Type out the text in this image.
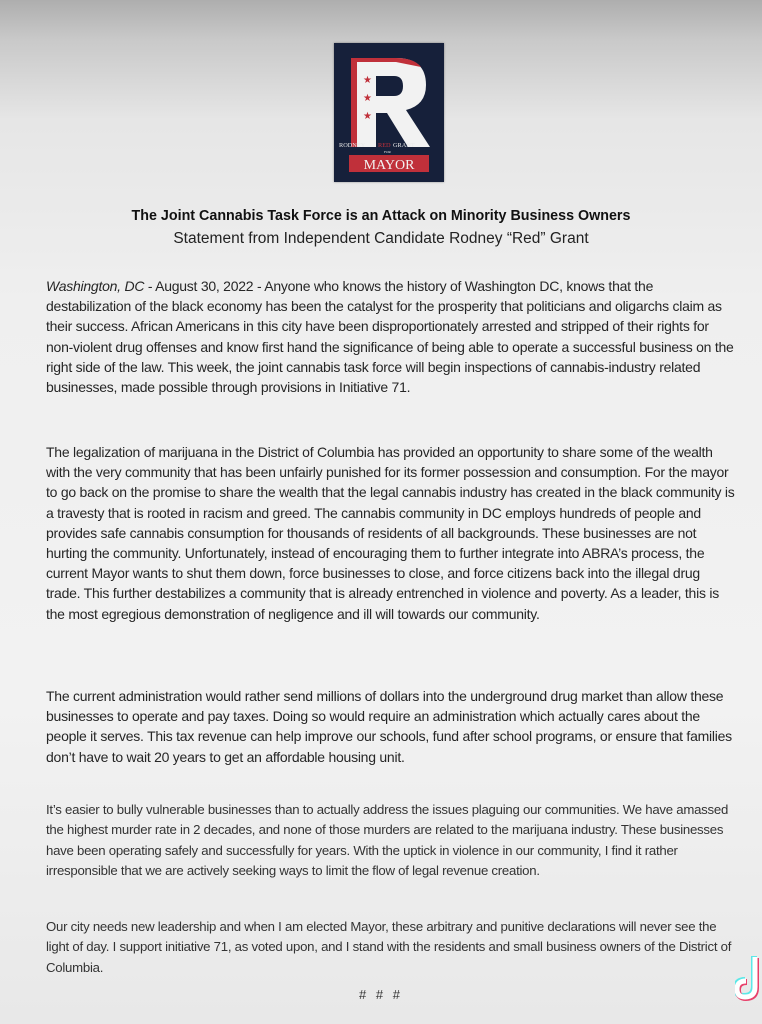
★
★
★
RODNEY RED GRANT
FOR
MAYOR
The Joint Cannabis Task Force is an Attack on Minority Business Owners
Statement from Independent Candidate Rodney “Red” Grant
Washington, DC - August 30, 2022 - Anyone who knows the history of Washington DC, knows that the destabilization of the black economy has been the catalyst for the prosperity that politicians and oligarchs claim as their success. African Americans in this city have been disproportionately arrested and stripped of their rights for non-violent drug offenses and know first hand the significance of being able to operate a successful business on the right side of the law. This week, the joint cannabis task force will begin inspections of cannabis-industry related businesses, made possible through provisions in Initiative 71.
The legalization of marijuana in the District of Columbia has provided an opportunity to share some of the wealth with the very community that has been unfairly punished for its former possession and consumption. For the mayor to go back on the promise to share the wealth that the legal cannabis industry has created in the black community is a travesty that is rooted in racism and greed. The cannabis community in DC employs hundreds of people and provides safe cannabis consumption for thousands of residents of all backgrounds. These businesses are not hurting the community. Unfortunately, instead of encouraging them to further integrate into ABRA’s process, the current Mayor wants to shut them down, force businesses to close, and force citizens back into the illegal drug trade. This further destabilizes a community that is already entrenched in violence and poverty. As a leader, this is the most egregious demonstration of negligence and ill will towards our community.
The current administration would rather send millions of dollars into the underground drug market than allow these businesses to operate and pay taxes. Doing so would require an administration which actually cares about the people it serves. This tax revenue can help improve our schools, fund after school programs, or ensure that families don’t have to wait 20 years to get an affordable housing unit.
It’s easier to bully vulnerable businesses than to actually address the issues plaguing our communities. We have amassed the highest murder rate in 2 decades, and none of those murders are related to the marijuana industry. These businesses have been operating safely and successfully for years. With the uptick in violence in our community, I find it rather irresponsible that we are actively seeking ways to limit the flow of legal revenue creation.
Our city needs new leadership and when I am elected Mayor, these arbitrary and punitive declarations will never see the light of day. I support initiative 71, as voted upon, and I stand with the residents and small business owners of the District of Columbia.
# # #
